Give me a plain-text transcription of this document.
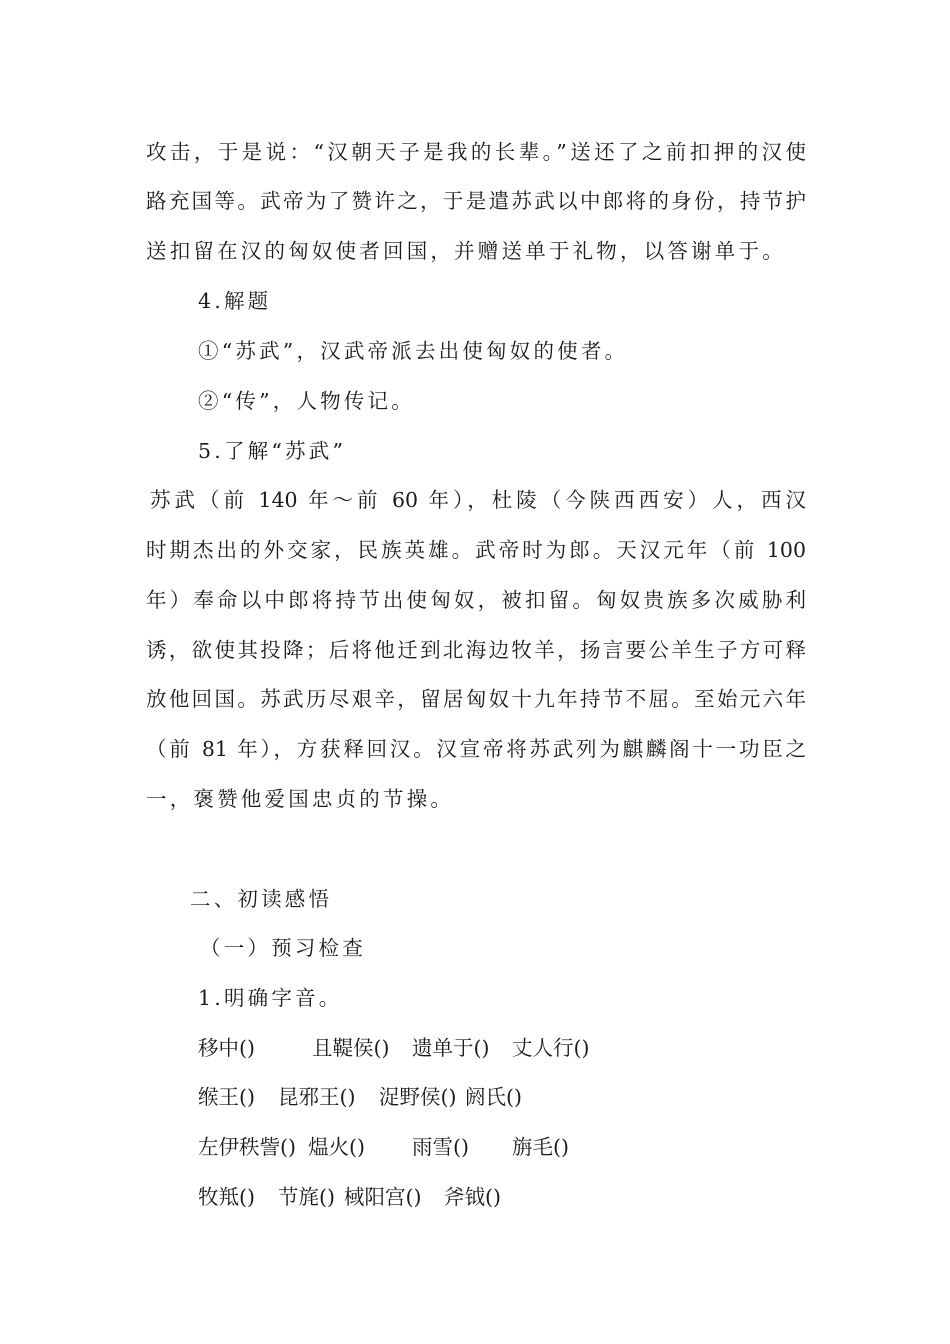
攻击，于是说：“汉朝天子是我的长辈。”送还了之前扣押的汉使
路充国等。武帝为了赞许之，于是遣苏武以中郎将的身份，持节护
送扣留在汉的匈奴使者回国，并赠送单于礼物，以答谢单于。
4.解题
①“苏武”，汉武帝派去出使匈奴的使者。
②“传”，人物传记。
5.了解“苏武”
苏武（前 140 年～前 60 年），杜陵（今陕西西安）人，西汉
时期杰出的外交家，民族英雄。武帝时为郎。天汉元年（前 100
年）奉命以中郎将持节出使匈奴，被扣留。匈奴贵族多次威胁利
诱，欲使其投降；后将他迁到北海边牧羊，扬言要公羊生子方可释
放他回国。苏武历尽艰辛，留居匈奴十九年持节不屈。至始元六年
（前 81 年），方获释回汉。汉宣帝将苏武列为麒麟阁十一功臣之
一，褒赞他爱国忠贞的节操。
二、初读感悟
（一）预习检查
1.明确字音。
移中()	且鞮侯() 遗单于() 丈人行()
缑王() 昆邪王() 浞野侯() 阏氏()
左伊秩訾() 煴火() 雨雪() 旃毛()
牧羝() 节旄() 棫阳宫() 斧钺()
